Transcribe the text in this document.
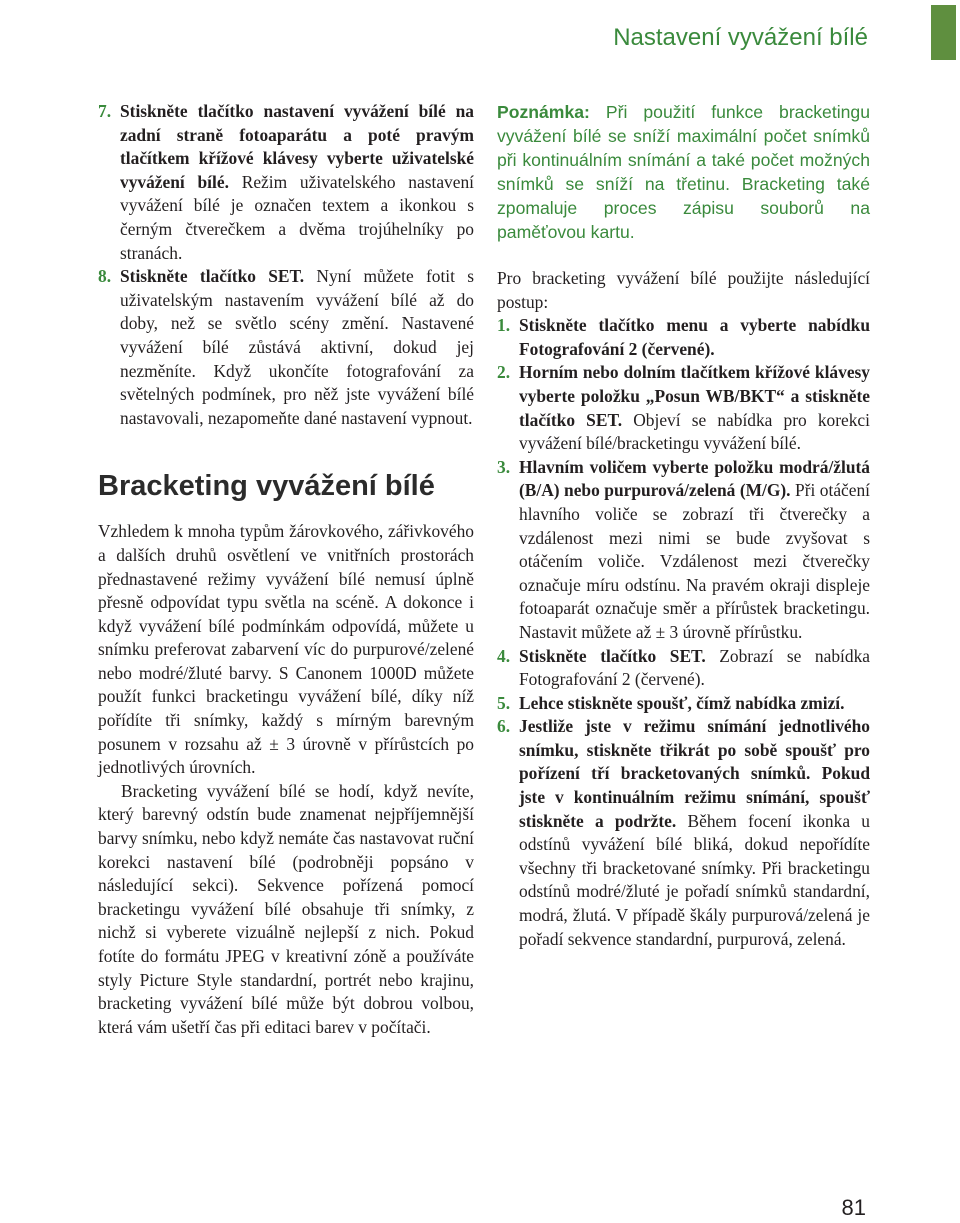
Nastavení vyvážení bílé
7. Stiskněte tlačítko nastavení vyvážení bílé na zadní straně fotoaparátu a poté pravým tlačítkem křížové klávesy vyberte uživatelské vyvážení bílé. Režim uživatelského nastavení vyvážení bílé je označen textem a ikonkou s černým čtverečkem a dvěma trojúhelníky po stranách.
8. Stiskněte tlačítko SET. Nyní můžete fotit s uživatelským nastavením vyvážení bílé až do doby, než se světlo scény změní. Nastavené vyvážení bílé zůstává aktivní, dokud jej nezměníte. Když ukončíte fotografování za světelných podmínek, pro něž jste vyvážení bílé nastavovali, nezapomeňte dané nastavení vypnout.
Bracketing vyvážení bílé

Vzhledem k mnoha typům žárovkového, zářivkového a dalších druhů osvětlení ve vnitřních prostorách přednastavené režimy vyvážení bílé nemusí úplně přesně odpovídat typu světla na scéně. A dokonce i když vyvážení bílé podmínkám odpovídá, můžete u snímku preferovat zabarvení víc do purpurové/zelené nebo modré/žluté barvy. S Canonem 1000D můžete použít funkci bracketingu vyvážení bílé, díky níž pořídíte tři snímky, každý s mírným barevným posunem v rozsahu až ± 3 úrovně v přírůstcích po jednotlivých úrovních.

Bracketing vyvážení bílé se hodí, když nevíte, který barevný odstín bude znamenat nejpříjemnější barvy snímku, nebo když nemáte čas nastavovat ruční korekci nastavení bílé (podrobněji popsáno v následující sekci). Sekvence pořízená pomocí bracketingu vyvážení bílé obsahuje tři snímky, z nichž si vyberete vizuálně nejlepší z nich. Pokud fotíte do formátu JPEG v kreativní zóně a používáte styly Picture Style standardní, portrét nebo krajinu, bracketing vyvážení bílé může být dobrou volbou, která vám ušetří čas při editaci barev v počítači.

Poznámka: Při použití funkce bracketingu vyvážení bílé se sníží maximální počet snímků při kontinuálním snímání a také počet možných snímků se sníží na třetinu. Bracketing také zpomaluje proces zápisu souborů na paměťovou kartu.

Pro bracketing vyvážení bílé použijte následující postup:

1. Stiskněte tlačítko menu a vyberte nabídku Fotografování 2 (červené).
2. Horním nebo dolním tlačítkem křížové klávesy vyberte položku „Posun WB/BKT“ a stiskněte tlačítko SET. Objeví se nabídka pro korekci vyvážení bílé/bracketingu vyvážení bílé.
3. Hlavním voličem vyberte položku modrá/žlutá (B/A) nebo purpurová/zelená (M/G). Při otáčení hlavního voliče se zobrazí tři čtverečky a vzdálenost mezi nimi se bude zvyšovat s otáčením voliče. Vzdálenost mezi čtverečky označuje míru odstínu. Na pravém okraji displeje fotoaparát označuje směr a přírůstek bracketingu. Nastavit můžete až ± 3 úrovně přírůstku.
4. Stiskněte tlačítko SET. Zobrazí se nabídka Fotografování 2 (červené).
5. Lehce stiskněte spoušť, čímž nabídka zmizí.
6. Jestliže jste v režimu snímání jednotlivého snímku, stiskněte třikrát po sobě spoušť pro pořízení tří bracketovaných snímků. Pokud jste v kontinuálním režimu snímání, spoušť stiskněte a podržte. Během focení ikonka u odstínů vyvážení bílé bliká, dokud nepořídíte všechny tři bracketované snímky. Při bracketingu odstínů modré/žluté je pořadí snímků standardní, modrá, žlutá. V případě škály purpurová/zelená je pořadí sekvence standardní, purpurová, zelená.
81
